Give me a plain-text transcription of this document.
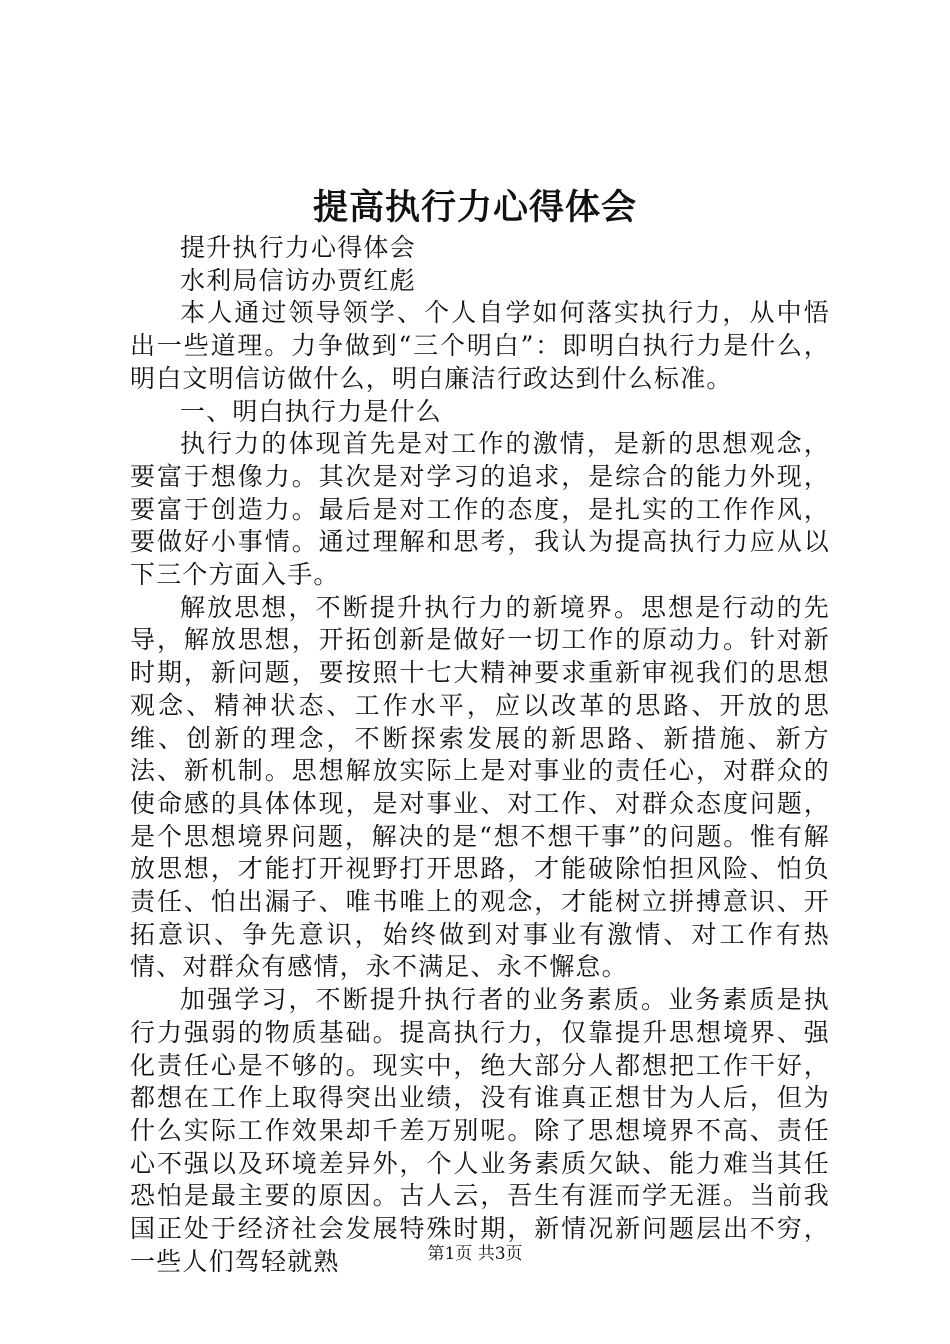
提高执行力心得体会

提升执行力心得体会

水利局信访办贾红彪

本人通过领导领学、个人自学如何落实执行力，从中悟出一些道理。力争做到“三个明白”：即明白执行力是什么，明白文明信访做什么，明白廉洁行政达到什么标准。

一、明白执行力是什么

执行力的体现首先是对工作的激情，是新的思想观念，要富于想像力。其次是对学习的追求，是综合的能力外现，要富于创造力。最后是对工作的态度，是扎实的工作作风，要做好小事情。通过理解和思考，我认为提高执行力应从以下三个方面入手。

解放思想，不断提升执行力的新境界。思想是行动的先导，解放思想，开拓创新是做好一切工作的原动力。针对新时期，新问题，要按照十七大精神要求重新审视我们的思想观念、精神状态、工作水平，应以改革的思路、开放的思维、创新的理念，不断探索发展的新思路、新措施、新方法、新机制。思想解放实际上是对事业的责任心，对群众的使命感的具体体现，是对事业、对工作、对群众态度问题，是个思想境界问题，解决的是“想不想干事”的问题。惟有解放思想，才能打开视野打开思路，才能破除怕担风险、怕负责任、怕出漏子、唯书唯上的观念，才能树立拼搏意识、开拓意识、争先意识，始终做到对事业有激情、对工作有热情、对群众有感情，永不满足、永不懈怠。

加强学习，不断提升执行者的业务素质。业务素质是执行力强弱的物质基础。提高执行力，仅靠提升思想境界、强化责任心是不够的。现实中，绝大部分人都想把工作干好，都想在工作上取得突出业绩，没有谁真正想甘为人后，但为什么实际工作效果却千差万别呢。除了思想境界不高、责任心不强以及环境差异外，个人业务素质欠缺、能力难当其任恐怕是最主要的原因。古人云，吾生有涯而学无涯。当前我国正处于经济社会发展特殊时期，新情况新问题层出不穷，一些人们驾轻就熟	第1页 共3页
